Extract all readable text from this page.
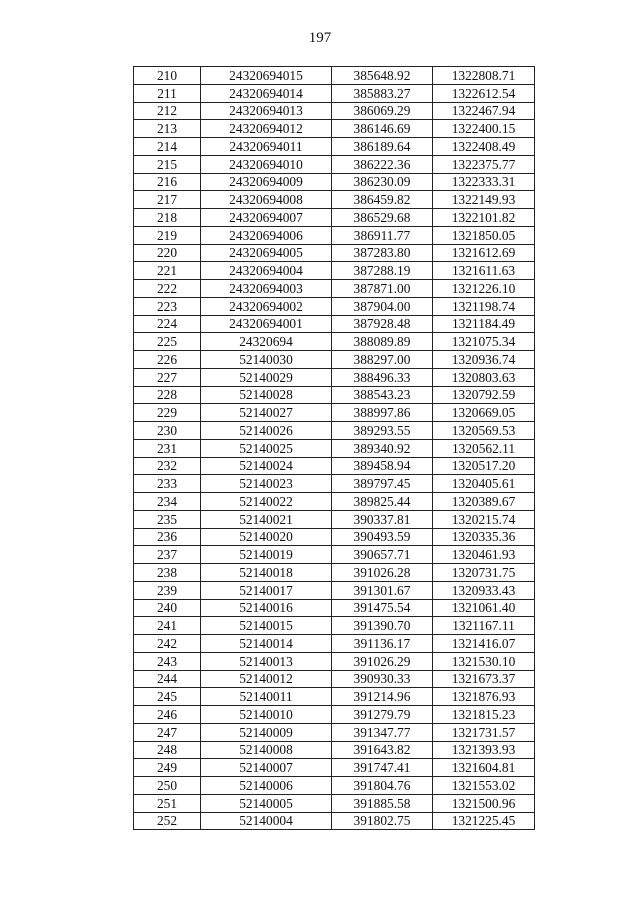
197
210	24320694015	385648.92	1322808.71
211	24320694014	385883.27	1322612.54
212	24320694013	386069.29	1322467.94
213	24320694012	386146.69	1322400.15
214	24320694011	386189.64	1322408.49
215	24320694010	386222.36	1322375.77
216	24320694009	386230.09	1322333.31
217	24320694008	386459.82	1322149.93
218	24320694007	386529.68	1322101.82
219	24320694006	386911.77	1321850.05
220	24320694005	387283.80	1321612.69
221	24320694004	387288.19	1321611.63
222	24320694003	387871.00	1321226.10
223	24320694002	387904.00	1321198.74
224	24320694001	387928.48	1321184.49
225	24320694	388089.89	1321075.34
226	52140030	388297.00	1320936.74
227	52140029	388496.33	1320803.63
228	52140028	388543.23	1320792.59
229	52140027	388997.86	1320669.05
230	52140026	389293.55	1320569.53
231	52140025	389340.92	1320562.11
232	52140024	389458.94	1320517.20
233	52140023	389797.45	1320405.61
234	52140022	389825.44	1320389.67
235	52140021	390337.81	1320215.74
236	52140020	390493.59	1320335.36
237	52140019	390657.71	1320461.93
238	52140018	391026.28	1320731.75
239	52140017	391301.67	1320933.43
240	52140016	391475.54	1321061.40
241	52140015	391390.70	1321167.11
242	52140014	391136.17	1321416.07
243	52140013	391026.29	1321530.10
244	52140012	390930.33	1321673.37
245	52140011	391214.96	1321876.93
246	52140010	391279.79	1321815.23
247	52140009	391347.77	1321731.57
248	52140008	391643.82	1321393.93
249	52140007	391747.41	1321604.81
250	52140006	391804.76	1321553.02
251	52140005	391885.58	1321500.96
252	52140004	391802.75	1321225.45
